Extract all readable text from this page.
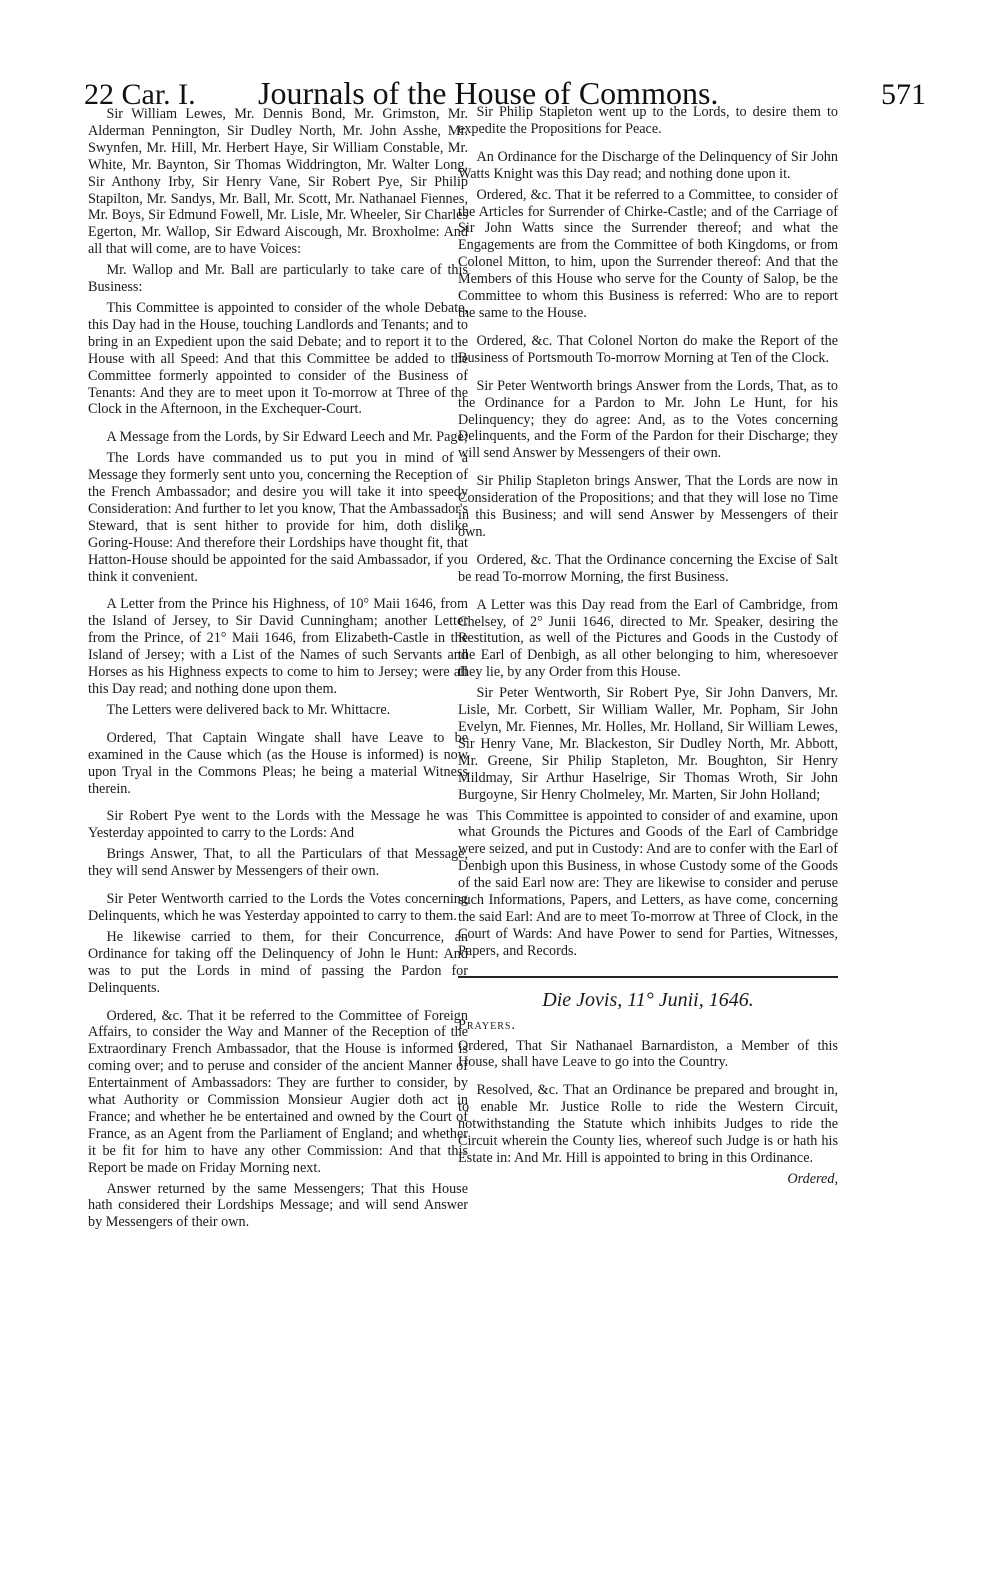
22 Car. I. Journals of the House of Commons.	571

Sir William Lewes, Mr. Dennis Bond, Mr. Grimston, Mr. Alderman Pennington, Sir Dudley North, Mr. John Asshe, Mr. Swynfen, Mr. Hill, Mr. Herbert Haye, Sir William Constable, Mr. White, Mr. Baynton, Sir Thomas Widdrington, Mr. Walter Long, Sir Anthony Irby, Sir Henry Vane, Sir Robert Pye, Sir Philip Stapilton, Mr. Sandys, Mr. Ball, Mr. Scott, Mr. Nathanael Fiennes, Mr. Boys, Sir Edmund Fowell, Mr. Lisle, Mr. Wheeler, Sir Charles Egerton, Mr. Wallop, Sir Edward Aiscough, Mr. Broxholme: And all that will come, are to have Voices:

Mr. Wallop and Mr. Ball are particularly to take care of this Business:

This Committee is appointed to consider of the whole Debate, this Day had in the House, touching Landlords and Tenants; and to bring in an Expedient upon the said Debate; and to report it to the House with all Speed: And that this Committee be added to the Committee formerly appointed to consider of the Business of Tenants: And they are to meet upon it To-morrow at Three of the Clock in the Afternoon, in the Exchequer-Court.

A Message from the Lords, by Sir Edward Leech and Mr. Page;

The Lords have commanded us to put you in mind of a Message they formerly sent unto you, concerning the Reception of the French Ambassador; and desire you will take it into speedy Consideration: And further to let you know, That the Ambassador's Steward, that is sent hither to provide for him, doth dislike Goring-House: And therefore their Lordships have thought fit, that Hatton-House should be appointed for the said Ambassador, if you think it convenient.

A Letter from the Prince his Highness, of 10° Maii 1646, from the Island of Jersey, to Sir David Cunningham; another Letter from the Prince, of 21° Maii 1646, from Elizabeth-Castle in the Island of Jersey; with a List of the Names of such Servants and Horses as his Highness expects to come to him to Jersey; were all this Day read; and nothing done upon them.

The Letters were delivered back to Mr. Whittacre.

Ordered, That Captain Wingate shall have Leave to be examined in the Cause which (as the House is informed) is now upon Tryal in the Commons Pleas; he being a material Witness therein.

Sir Robert Pye went to the Lords with the Message he was Yesterday appointed to carry to the Lords: And

Brings Answer, That, to all the Particulars of that Message, they will send Answer by Messengers of their own.

Sir Peter Wentworth carried to the Lords the Votes concerning Delinquents, which he was Yesterday appointed to carry to them.

He likewise carried to them, for their Concurrence, an Ordinance for taking off the Delinquency of John le Hunt: And was to put the Lords in mind of passing the Pardon for Delinquents.

Ordered, &c. That it be referred to the Committee of Foreign Affairs, to consider the Way and Manner of the Reception of the Extraordinary French Ambassador, that the House is informed is coming over; and to peruse and consider of the ancient Manner of Entertainment of Ambassadors: They are further to consider, by what Authority or Commission Monsieur Augier doth act in France; and whether he be entertained and owned by the Court of France, as an Agent from the Parliament of England; and whether it be fit for him to have any other Commission: And that this Report be made on Friday Morning next.

Answer returned by the same Messengers; That this House hath considered their Lordships Message; and will send Answer by Messengers of their own.

Sir Philip Stapleton went up to the Lords, to desire them to expedite the Propositions for Peace.

An Ordinance for the Discharge of the Delinquency of Sir John Watts Knight was this Day read; and nothing done upon it.

Ordered, &c. That it be referred to a Committee, to consider of the Articles for Surrender of Chirke-Castle; and of the Carriage of Sir John Watts since the Surrender thereof; and what the Engagements are from the Committee of both Kingdoms, or from Colonel Mitton, to him, upon the Surrender thereof: And that the Members of this House who serve for the County of Salop, be the Committee to whom this Business is referred: Who are to report the same to the House.

Ordered, &c. That Colonel Norton do make the Report of the Business of Portsmouth To-morrow Morning at Ten of the Clock.

Sir Peter Wentworth brings Answer from the Lords, That, as to the Ordinance for a Pardon to Mr. John Le Hunt, for his Delinquency; they do agree: And, as to the Votes concerning Delinquents, and the Form of the Pardon for their Discharge; they will send Answer by Messengers of their own.

Sir Philip Stapleton brings Answer, That the Lords are now in Consideration of the Propositions; and that they will lose no Time in this Business; and will send Answer by Messengers of their own.

Ordered, &c. That the Ordinance concerning the Excise of Salt be read To-morrow Morning, the first Business.

A Letter was this Day read from the Earl of Cambridge, from Chelsey, of 2° Junii 1646, directed to Mr. Speaker, desiring the Restitution, as well of the Pictures and Goods in the Custody of the Earl of Denbigh, as all other belonging to him, wheresoever they lie, by any Order from this House.

Sir Peter Wentworth, Sir Robert Pye, Sir John Danvers, Mr. Lisle, Mr. Corbett, Sir William Waller, Mr. Popham, Sir John Evelyn, Mr. Fiennes, Mr. Holles, Mr. Holland, Sir William Lewes, Sir Henry Vane, Mr. Blackeston, Sir Dudley North, Mr. Abbott, Mr. Greene, Sir Philip Stapleton, Mr. Boughton, Sir Henry Mildmay, Sir Arthur Haselrige, Sir Thomas Wroth, Sir John Burgoyne, Sir Henry Cholmeley, Mr. Marten, Sir John Holland;

This Committee is appointed to consider of and examine, upon what Grounds the Pictures and Goods of the Earl of Cambridge were seized, and put in Custody: And are to confer with the Earl of Denbigh upon this Business, in whose Custody some of the Goods of the said Earl now are: They are likewise to consider and peruse such Informations, Papers, and Letters, as have come, concerning the said Earl: And are to meet To-morrow at Three of Clock, in the Court of Wards: And have Power to send for Parties, Witnesses, Papers, and Records.

Die Jovis, 11° Junii, 1646.

Prayers.

Ordered, That Sir Nathanael Barnardiston, a Member of this House, shall have Leave to go into the Country.

Resolved, &c. That an Ordinance be prepared and brought in, to enable Mr. Justice Rolle to ride the Western Circuit, notwithstanding the Statute which inhibits Judges to ride the Circuit wherein the County lies, whereof such Judge is or hath his Estate in: And Mr. Hill is appointed to bring in this Ordinance.

Ordered,
